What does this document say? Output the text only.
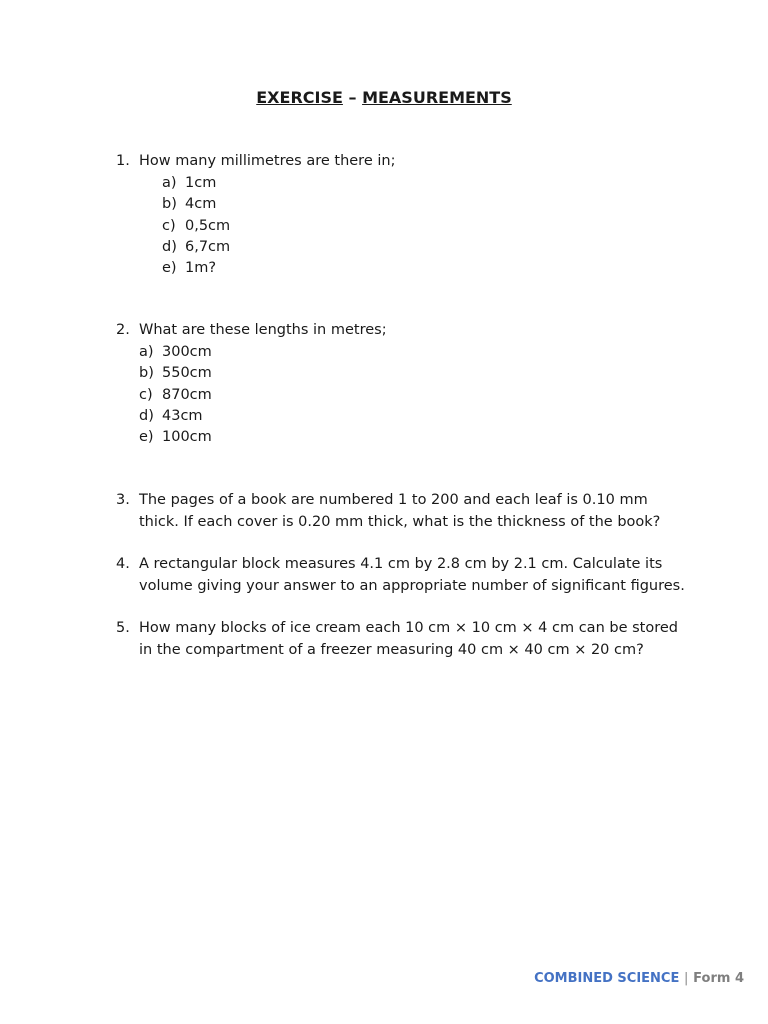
EXERCISE – MEASUREMENTS
1. How many millimetres are there in;
a) 1cm
b) 4cm
c) 0,5cm
d) 6,7cm
e) 1m?
2. What are these lengths in metres;
a) 300cm
b) 550cm
c) 870cm
d) 43cm
e) 100cm
3. The pages of a book are numbered 1 to 200 and each leaf is 0.10 mm thick. If each cover is 0.20 mm thick, what is the thickness of the book?
4. A rectangular block measures 4.1 cm by 2.8 cm by 2.1 cm. Calculate its volume giving your answer to an appropriate number of significant figures.
5. How many blocks of ice cream each 10 cm × 10 cm × 4 cm can be stored in the compartment of a freezer measuring 40 cm × 40 cm × 20 cm?
COMBINED SCIENCE | Form 4
